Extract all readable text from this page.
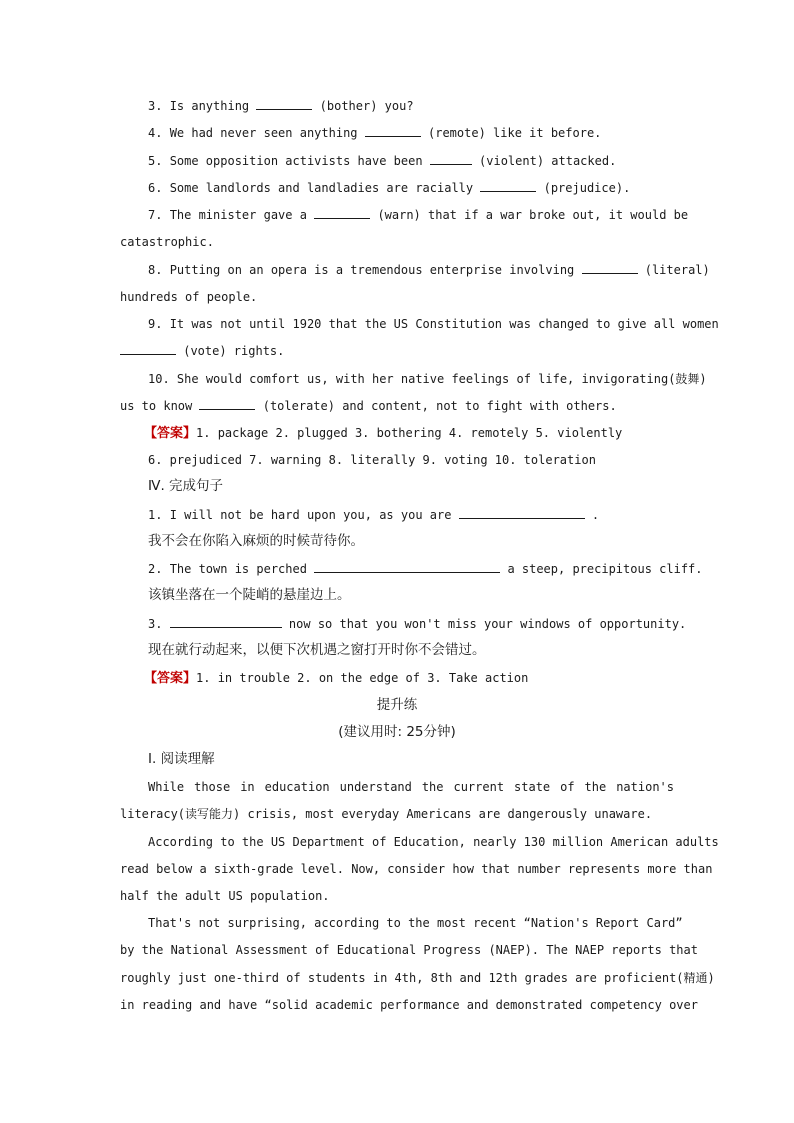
3. Is anything	(bother) you?
4. We had never seen anything	(remote) like it before.
5. Some opposition activists have been	(violent) attacked.
6. Some landlords and landladies are racially	(prejudice).
7. The minister gave a	(warn) that if a war broke out, it would be
catastrophic.
8. Putting on an opera is a tremendous enterprise involving	(literal)
hundreds of people.
9. It was not until 1920 that the US Constitution was changed to give all women
(vote) rights.
10. She would comfort us, with her native feelings of life, invigorating(鼓舞)
us to know	(tolerate) and content, not to fight with others.
【答案】1. package 2. plugged 3. bothering 4. remotely 5. violently
6. prejudiced 7. warning 8. literally 9. voting 10. toleration
Ⅳ. 完成句子
1. I will not be hard upon you, as you are	.
我不会在你陷入麻烦的时候苛待你。
2. The town is perched	a steep, precipitous cliff.
该镇坐落在一个陡峭的悬崖边上。
3.	now so that you won't miss your windows of opportunity.
现在就行动起来，以便下次机遇之窗打开时你不会错过。
【答案】1. in trouble 2. on the edge of 3. Take action
提升练
(建议用时: 25分钟)
Ⅰ. 阅读理解
While those in education understand the current state of the nation's
literacy(读写能力) crisis, most everyday Americans are dangerously unaware.
According to the US Department of Education, nearly 130 million American adults
read below a sixth-grade level. Now, consider how that number represents more than
half the adult US population.
That's not surprising, according to the most recent “Nation's Report Card”
by the National Assessment of Educational Progress (NAEP). The NAEP reports that
roughly just one-third of students in 4th, 8th and 12th grades are proficient(精通)
in reading and have “solid academic performance and demonstrated competency over
